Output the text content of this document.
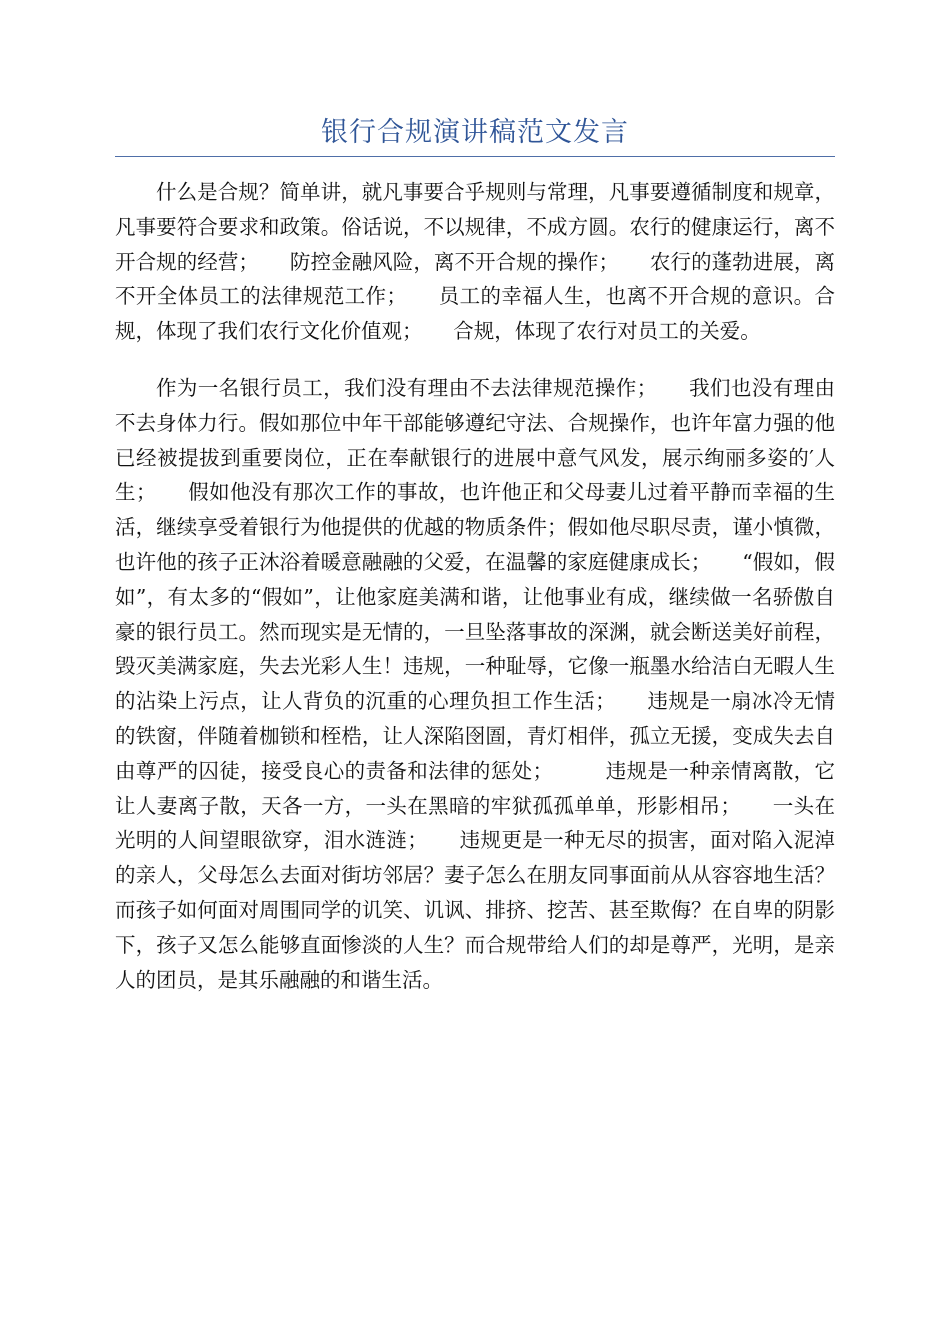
银行合规演讲稿范文发言

什么是合规？简单讲，就凡事要合乎规则与常理，凡事要遵循制度和规章，凡事要符合要求和政策。俗话说，不以规律，不成方圆。农行的健康运行，离不开合规的经营；　　防控金融风险，离不开合规的操作；　　农行的蓬勃进展，离不开全体员工的法律规范工作；　　员工的幸福人生，也离不开合规的意识。合规，体现了我们农行文化价值观；　　合规，体现了农行对员工的关爱。

作为一名银行员工，我们没有理由不去法律规范操作；　　我们也没有理由不去身体力行。假如那位中年干部能够遵纪守法、合规操作，也许年富力强的他已经被提拔到重要岗位，正在奉献银行的进展中意气风发，展示绚丽多姿的′人生；　　假如他没有那次工作的事故，也许他正和父母妻儿过着平静而幸福的生活，继续享受着银行为他提供的优越的物质条件；假如他尽职尽责，谨小慎微，也许他的孩子正沐浴着暖意融融的父爱，在温馨的家庭健康成长；　　“假如，假如”，有太多的“假如”，让他家庭美满和谐，让他事业有成，继续做一名骄傲自豪的银行员工。然而现实是无情的，一旦坠落事故的深渊，就会断送美好前程，毁灭美满家庭，失去光彩人生！违规，一种耻辱，它像一瓶墨水给洁白无暇人生的沾染上污点，让人背负的沉重的心理负担工作生活；　　违规是一扇冰冷无情的铁窗，伴随着枷锁和桎梏，让人深陷囹圄，青灯相伴，孤立无援，变成失去自由尊严的囚徒，接受良心的责备和法律的惩处；　　　违规是一种亲情离散，它让人妻离子散，天各一方，一头在黑暗的牢狱孤孤单单，形影相吊；　　一头在光明的人间望眼欲穿，泪水涟涟；　　违规更是一种无尽的损害，面对陷入泥淖的亲人，父母怎么去面对街坊邻居？妻子怎么在朋友同事面前从从容容地生活？而孩子如何面对周围同学的讥笑、讥讽、排挤、挖苦、甚至欺侮？在自卑的阴影下，孩子又怎么能够直面惨淡的人生？而合规带给人们的却是尊严，光明，是亲人的团员，是其乐融融的和谐生活。
